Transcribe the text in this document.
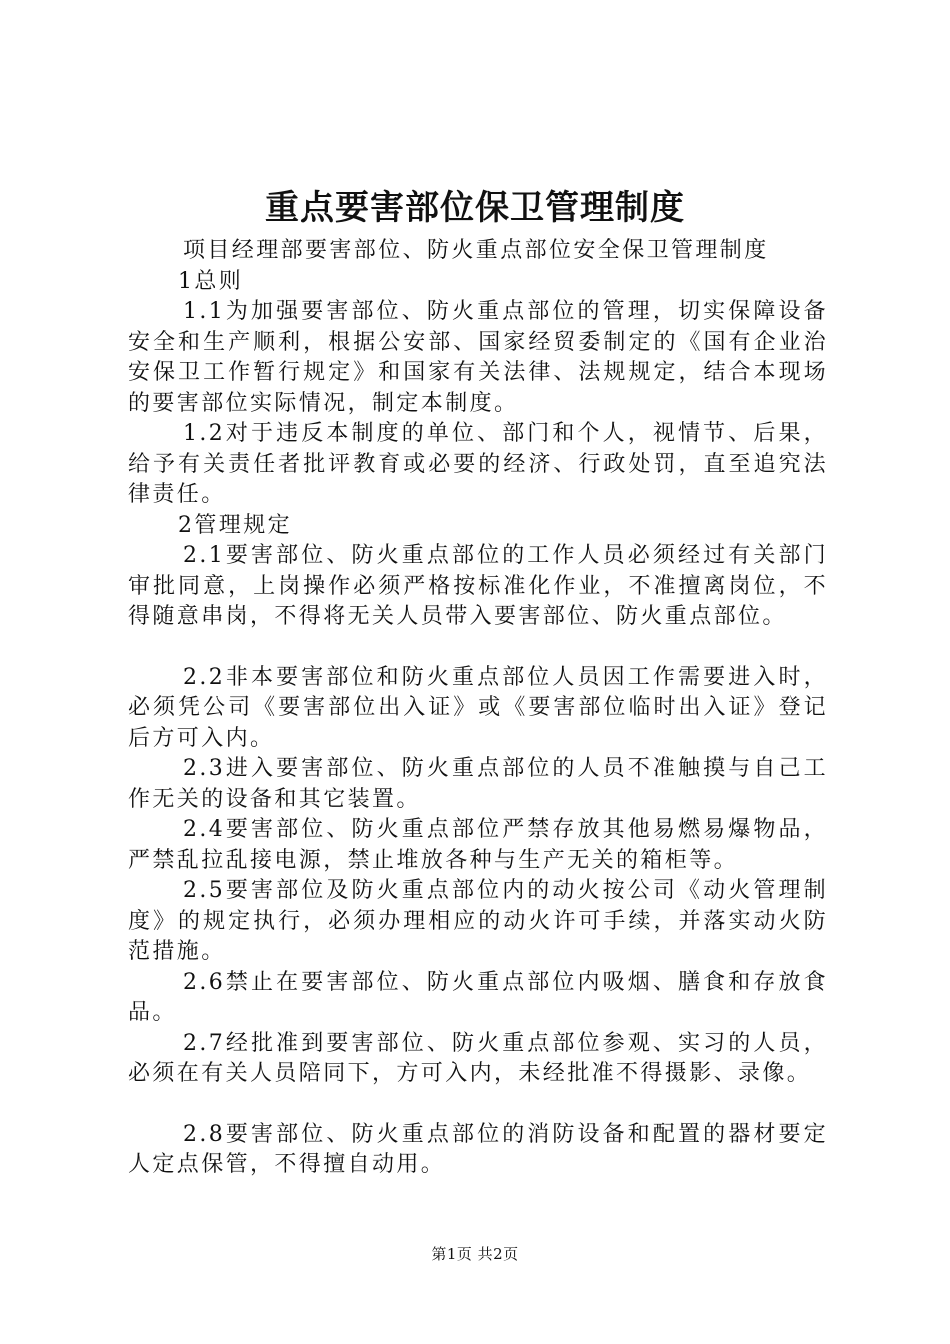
重点要害部位保卫管理制度

项目经理部要害部位、防火重点部位安全保卫管理制度

1总则

1.1为加强要害部位、防火重点部位的管理，切实保障设备安全和生产顺利，根据公安部、国家经贸委制定的《国有企业治安保卫工作暂行规定》和国家有关法律、法规规定，结合本现场的要害部位实际情况，制定本制度。

1.2对于违反本制度的单位、部门和个人，视情节、后果，给予有关责任者批评教育或必要的经济、行政处罚，直至追究法律责任。

2管理规定

2.1要害部位、防火重点部位的工作人员必须经过有关部门审批同意，上岗操作必须严格按标准化作业，不准擅离岗位，不得随意串岗，不得将无关人员带入要害部位、防火重点部位。

2.2非本要害部位和防火重点部位人员因工作需要进入时，必须凭公司《要害部位出入证》或《要害部位临时出入证》登记后方可入内。

2.3进入要害部位、防火重点部位的人员不准触摸与自己工作无关的设备和其它装置。

2.4要害部位、防火重点部位严禁存放其他易燃易爆物品，严禁乱拉乱接电源，禁止堆放各种与生产无关的箱柜等。

2.5要害部位及防火重点部位内的动火按公司《动火管理制度》的规定执行，必须办理相应的动火许可手续，并落实动火防范措施。

2.6禁止在要害部位、防火重点部位内吸烟、膳食和存放食品。

2.7经批准到要害部位、防火重点部位参观、实习的人员，必须在有关人员陪同下，方可入内，未经批准不得摄影、录像。

2.8要害部位、防火重点部位的消防设备和配置的器材要定人定点保管，不得擅自动用。

第1页 共2页
